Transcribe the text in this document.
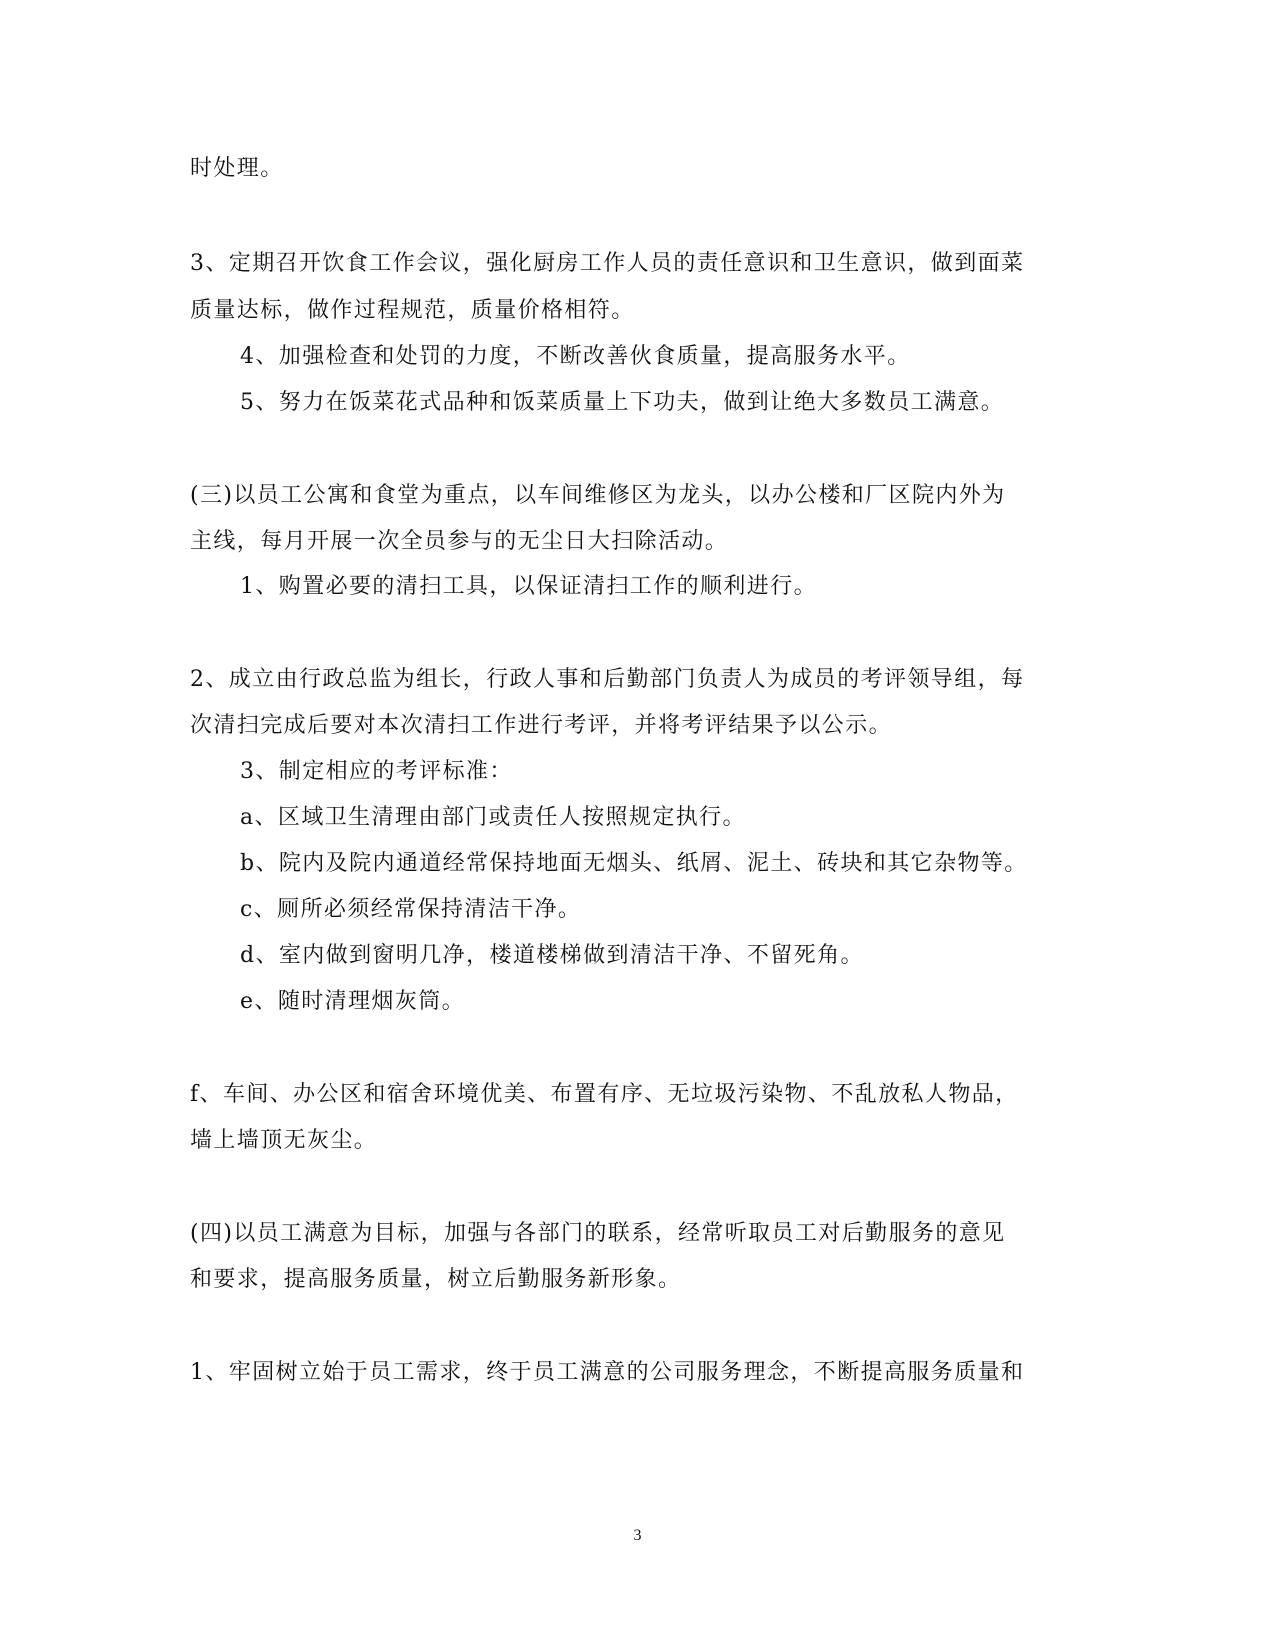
时处理。
3、定期召开饮食工作会议，强化厨房工作人员的责任意识和卫生意识，做到面菜
质量达标，做作过程规范，质量价格相符。
4、加强检查和处罚的力度，不断改善伙食质量，提高服务水平。
5、努力在饭菜花式品种和饭菜质量上下功夫，做到让绝大多数员工满意。
(三)以员工公寓和食堂为重点，以车间维修区为龙头，以办公楼和厂区院内外为
主线，每月开展一次全员参与的无尘日大扫除活动。
1、购置必要的清扫工具，以保证清扫工作的顺利进行。
2、成立由行政总监为组长，行政人事和后勤部门负责人为成员的考评领导组，每
次清扫完成后要对本次清扫工作进行考评，并将考评结果予以公示。
3、制定相应的考评标准：
a、区域卫生清理由部门或责任人按照规定执行。
b、院内及院内通道经常保持地面无烟头、纸屑、泥土、砖块和其它杂物等。
c、厕所必须经常保持清洁干净。
d、室内做到窗明几净，楼道楼梯做到清洁干净、不留死角。
e、随时清理烟灰筒。
f、车间、办公区和宿舍环境优美、布置有序、无垃圾污染物、不乱放私人物品，
墙上墙顶无灰尘。
(四)以员工满意为目标，加强与各部门的联系，经常听取员工对后勤服务的意见
和要求，提高服务质量，树立后勤服务新形象。
1、牢固树立始于员工需求，终于员工满意的公司服务理念，不断提高服务质量和
3
